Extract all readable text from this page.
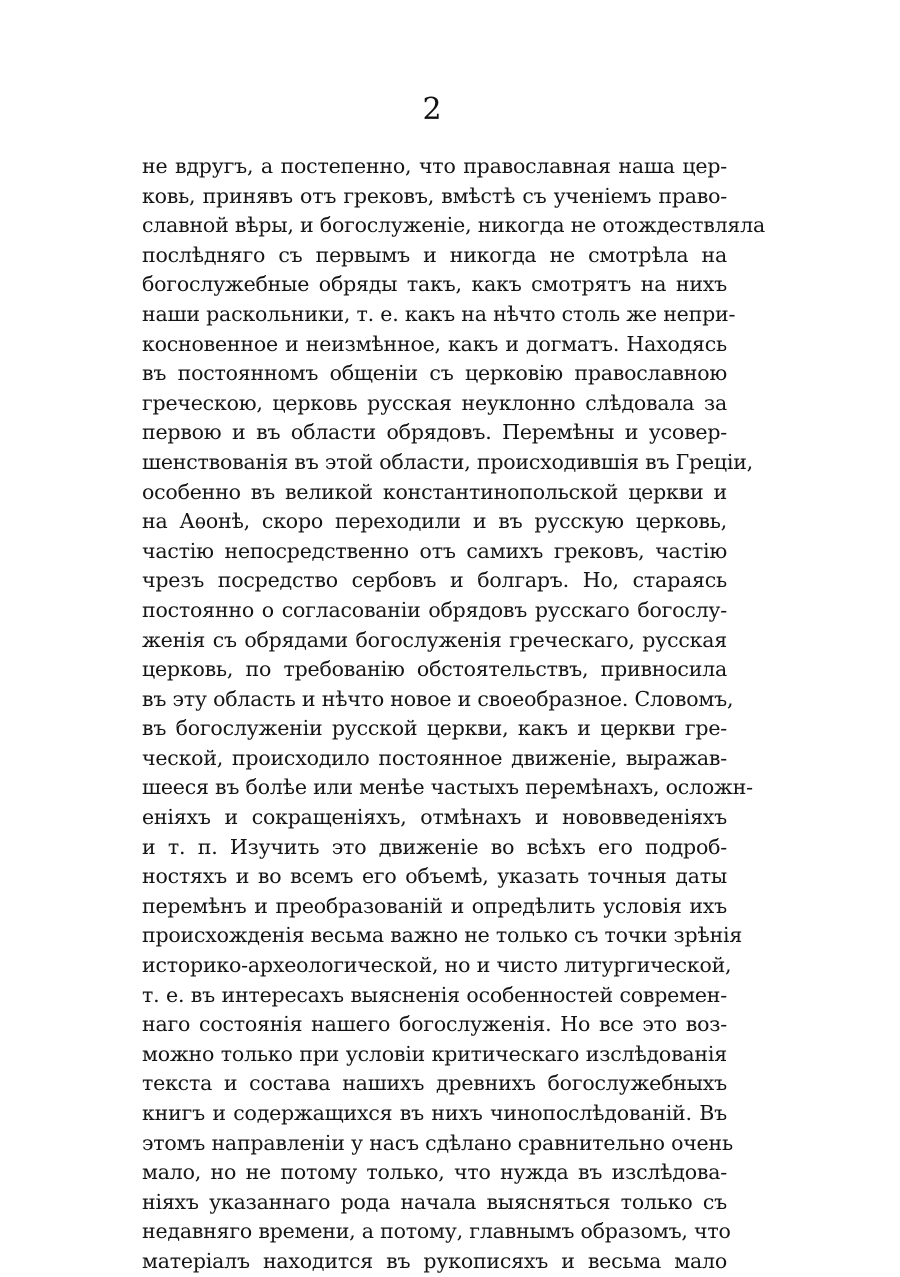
2
не вдругъ, а постепенно, что православная наша цер-
ковь, принявъ отъ грековъ, вмѣстѣ съ ученіемъ право-
славной вѣры, и богослуженіе, никогда не отождествляла
послѣдняго съ первымъ и никогда не смотрѣла на
богослужебные обряды такъ, какъ смотрятъ на нихъ
наши раскольники, т. е. какъ на нѣчто столь же непри-
косновенное и неизмѣнное, какъ и догматъ. Находясь
въ постоянномъ общеніи съ церковію православною
греческою, церковь русская неуклонно слѣдовала за
первою и въ области обрядовъ. Перемѣны и усовер-
шенствованія въ этой области, происходившія въ Греціи,
особенно въ великой константинопольской церкви и
на Аѳонѣ, скоро переходили и въ русскую церковь,
частію непосредственно отъ самихъ грековъ, частію
чрезъ посредство сербовъ и болгаръ. Но, стараясь
постоянно о согласованіи обрядовъ русскаго богослу-
женія съ обрядами богослуженія греческаго, русская
церковь, по требованію обстоятельствъ, привносила
въ эту область и нѣчто новое и своеобразное. Словомъ,
въ богослуженіи русской церкви, какъ и церкви гре-
ческой, происходило постоянное движеніе, выражав-
шееся въ болѣе или менѣе частыхъ перемѣнахъ, осложн-
еніяхъ и сокращеніяхъ, отмѣнахъ и нововведеніяхъ
и т. п. Изучить это движеніе во всѣхъ его подроб-
ностяхъ и во всемъ его объемѣ, указать точныя даты
перемѣнъ и преобразованій и опредѣлить условія ихъ
происхожденія весьма важно не только съ точки зрѣнія
историко-археологической, но и чисто литургической,
т. е. въ интересахъ выясненія особенностей современ-
наго состоянія нашего богослуженія. Но все это воз-
можно только при условіи критическаго изслѣдованія
текста и состава нашихъ древнихъ богослужебныхъ
книгъ и содержащихся въ нихъ чинопослѣдованій. Въ
этомъ направленіи у насъ сдѣлано сравнительно очень
мало, но не потому только, что нужда въ изслѣдова-
ніяхъ указаннаго рода начала выясняться только съ
недавняго времени, а потому, главнымъ образомъ, что
матеріалъ находится въ рукописяхъ и весьма мало
